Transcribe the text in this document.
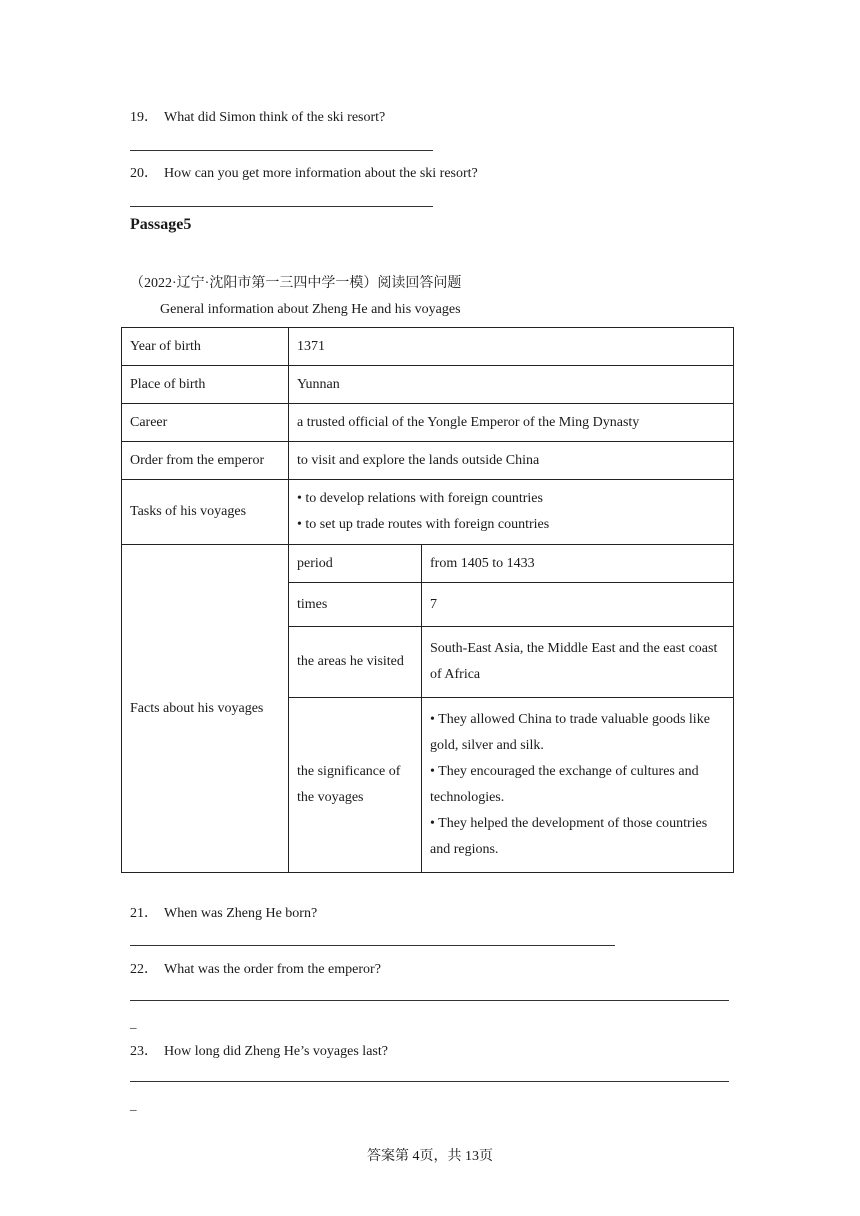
19． What did Simon think of the ski resort?
20． How can you get more information about the ski resort?
Passage5
（2022·辽宁·沈阳市第一三四中学一模）阅读回答问题
General information about Zheng He and his voyages
Year of birth	1371	
Place of birth	Yunnan	
Career	a trusted official of the Yongle Emperor of the Ming Dynasty	
Order from the emperor	to visit and explore the lands outside China	
Tasks of his voyages	• to develop relations with foreign countries
• to set up trade routes with foreign countries	

Facts about his voyages	period	from 1405 to 1433
	times	7
	the areas he visited	South-East Asia, the Middle East and the east coast of Africa
	the significance of the voyages	• They allowed China to trade valuable goods like gold, silver and silk.
• They encouraged the exchange of cultures and technologies.
• They helped the development of those countries and regions.
21． When was Zheng He born?
22． What was the order from the emperor?
_
23． How long did Zheng He’s voyages last?
_
答案第 4页，共 13页
